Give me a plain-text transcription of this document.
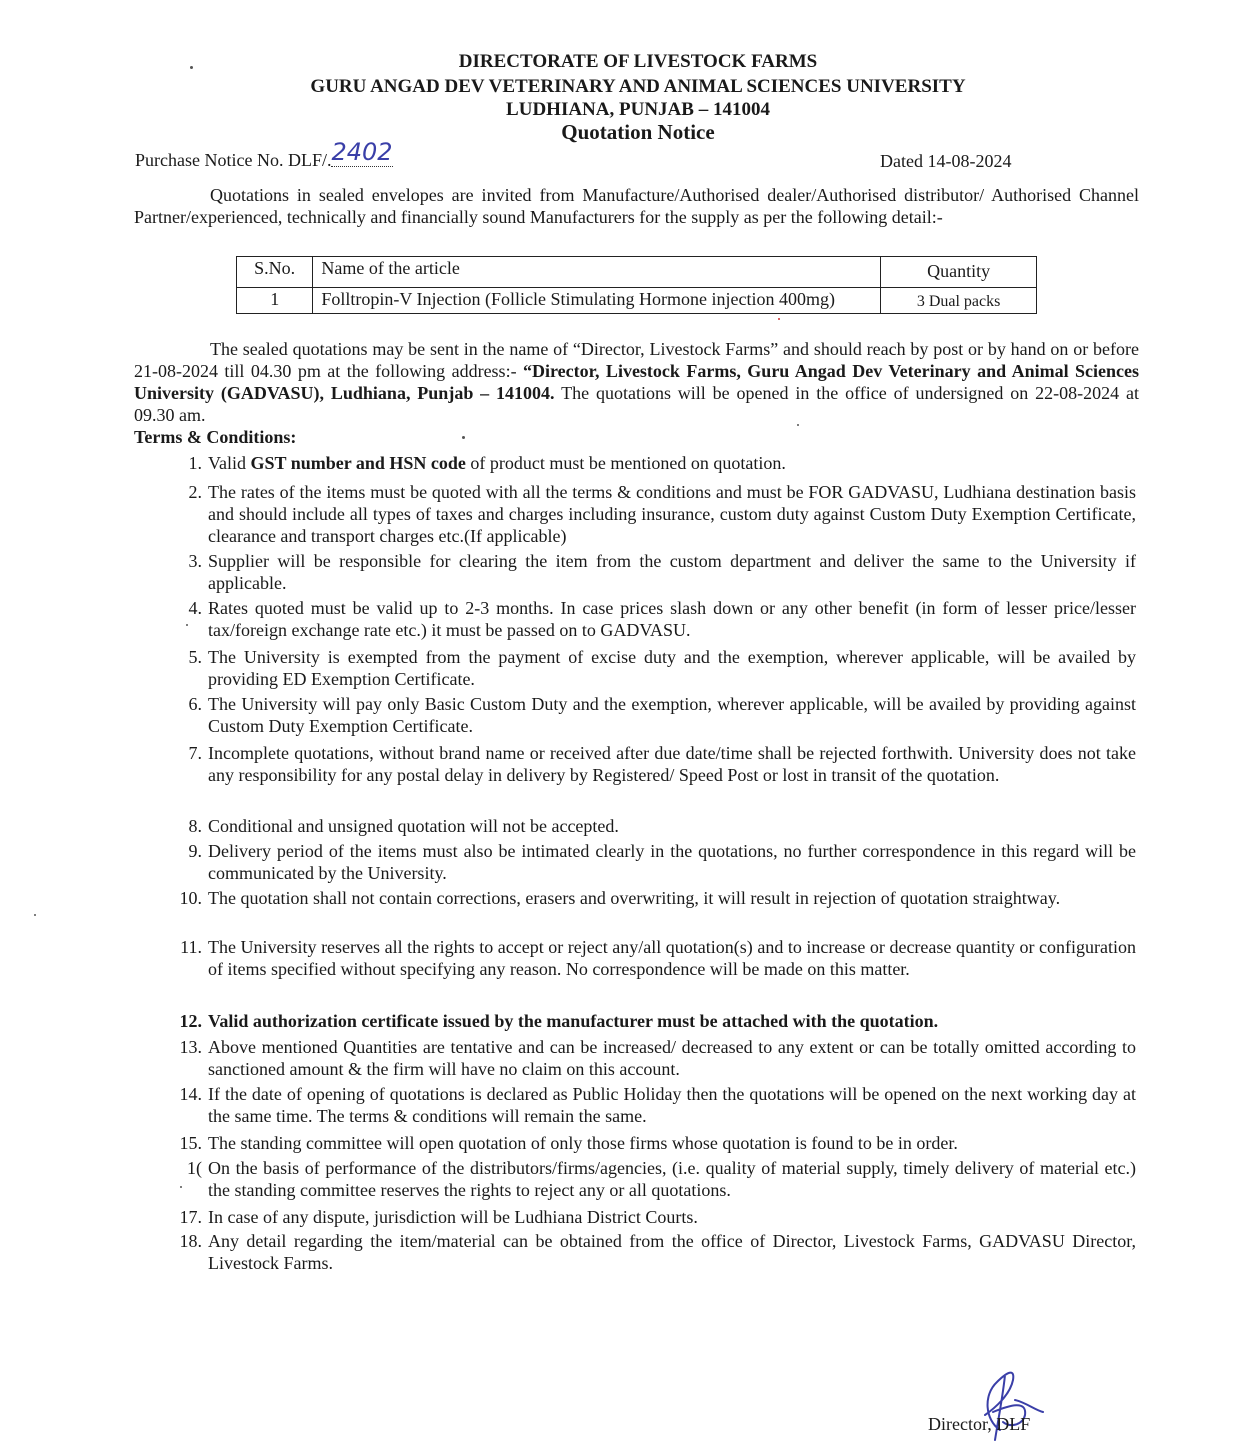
DIRECTORATE OF LIVESTOCK FARMS
GURU ANGAD DEV VETERINARY AND ANIMAL SCIENCES UNIVERSITY
LUDHIANA, PUNJAB – 141004
Quotation Notice
Purchase Notice No. DLF/.2402	Dated 14-08-2024
Quotations in sealed envelopes are invited from Manufacture/Authorised dealer/Authorised distributor/ Authorised Channel Partner/experienced, technically and financially sound Manufacturers for the supply as per the following detail:-
S.No.	Name of the article	Quantity
1	Folltropin-V Injection (Follicle Stimulating Hormone injection 400mg)	3 Dual packs
The sealed quotations may be sent in the name of “Director, Livestock Farms” and should reach by post or by hand on or before 21-08-2024 till 04.30 pm at the following address:- “Director, Livestock Farms, Guru Angad Dev Veterinary and Animal Sciences University (GADVASU), Ludhiana, Punjab – 141004. The quotations will be opened in the office of undersigned on 22-08-2024 at 09.30 am.
Terms & Conditions:
1. Valid GST number and HSN code of product must be mentioned on quotation.
2. The rates of the items must be quoted with all the terms & conditions and must be FOR GADVASU, Ludhiana destination basis and should include all types of taxes and charges including insurance, custom duty against Custom Duty Exemption Certificate, clearance and transport charges etc.(If applicable)
3. Supplier will be responsible for clearing the item from the custom department and deliver the same to the University if applicable.
4. Rates quoted must be valid up to 2-3 months. In case prices slash down or any other benefit (in form of lesser price/lesser tax/foreign exchange rate etc.) it must be passed on to GADVASU.
5. The University is exempted from the payment of excise duty and the exemption, wherever applicable, will be availed by providing ED Exemption Certificate.
6. The University will pay only Basic Custom Duty and the exemption, wherever applicable, will be availed by providing against Custom Duty Exemption Certificate.
7. Incomplete quotations, without brand name or received after due date/time shall be rejected forthwith. University does not take any responsibility for any postal delay in delivery by Registered/ Speed Post or lost in transit of the quotation.
8. Conditional and unsigned quotation will not be accepted.
9. Delivery period of the items must also be intimated clearly in the quotations, no further correspondence in this regard will be communicated by the University.
10. The quotation shall not contain corrections, erasers and overwriting, it will result in rejection of quotation straightway.
11. The University reserves all the rights to accept or reject any/all quotation(s) and to increase or decrease quantity or configuration of items specified without specifying any reason. No correspondence will be made on this matter.
12. Valid authorization certificate issued by the manufacturer must be attached with the quotation.
13. Above mentioned Quantities are tentative and can be increased/ decreased to any extent or can be totally omitted according to sanctioned amount & the firm will have no claim on this account.
14. If the date of opening of quotations is declared as Public Holiday then the quotations will be opened on the next working day at the same time. The terms & conditions will remain the same.
15. The standing committee will open quotation of only those firms whose quotation is found to be in order.
1( On the basis of performance of the distributors/firms/agencies, (i.e. quality of material supply, timely delivery of material etc.) the standing committee reserves the rights to reject any or all quotations.
17. In case of any dispute, jurisdiction will be Ludhiana District Courts.
18. Any detail regarding the item/material can be obtained from the office of Director, Livestock Farms, GADVASU Director, Livestock Farms.
Director, DLF
